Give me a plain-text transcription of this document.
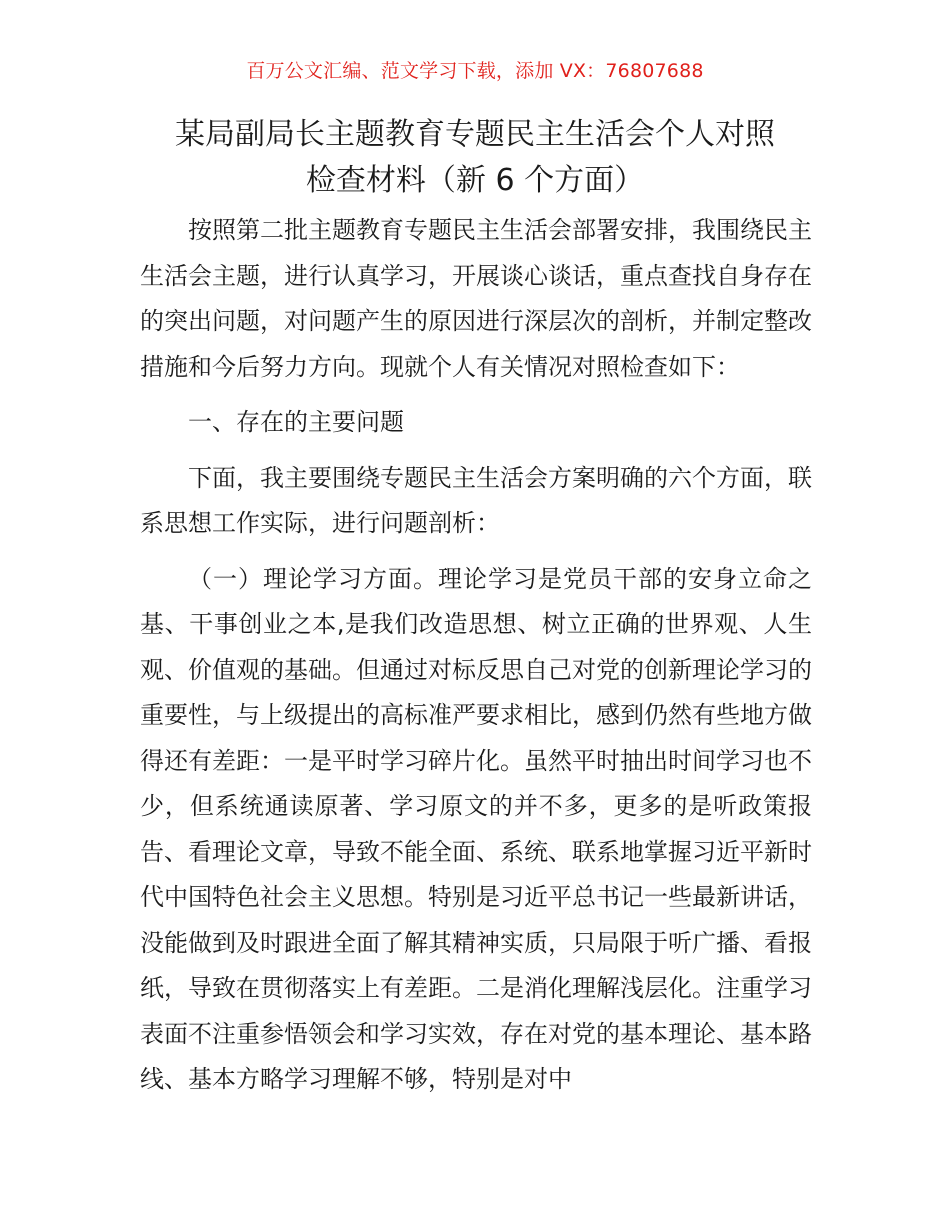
百万公文汇编、范文学习下载，添加 VX：76807688
某局副局长主题教育专题民主生活会个人对照
检查材料（新 6 个方面）

按照第二批主题教育专题民主生活会部署安排，我围绕民主生活会主题，进行认真学习，开展谈心谈话，重点查找自身存在的突出问题，对问题产生的原因进行深层次的剖析，并制定整改措施和今后努力方向。现就个人有关情况对照检查如下：

一、存在的主要问题

下面，我主要围绕专题民主生活会方案明确的六个方面，联系思想工作实际，进行问题剖析：

（一）理论学习方面。理论学习是党员干部的安身立命之基、干事创业之本,是我们改造思想、树立正确的世界观、人生观、价值观的基础。但通过对标反思自己对党的创新理论学习的重要性，与上级提出的高标准严要求相比，感到仍然有些地方做得还有差距：一是平时学习碎片化。虽然平时抽出时间学习也不少，但系统通读原著、学习原文的并不多，更多的是听政策报告、看理论文章，导致不能全面、系统、联系地掌握习近平新时代中国特色社会主义思想。特别是习近平总书记一些最新讲话，没能做到及时跟进全面了解其精神实质，只局限于听广播、看报纸，导致在贯彻落实上有差距。二是消化理解浅层化。注重学习表面不注重参悟领会和学习实效，存在对党的基本理论、基本路线、基本方略学习理解不够，特别是对中
